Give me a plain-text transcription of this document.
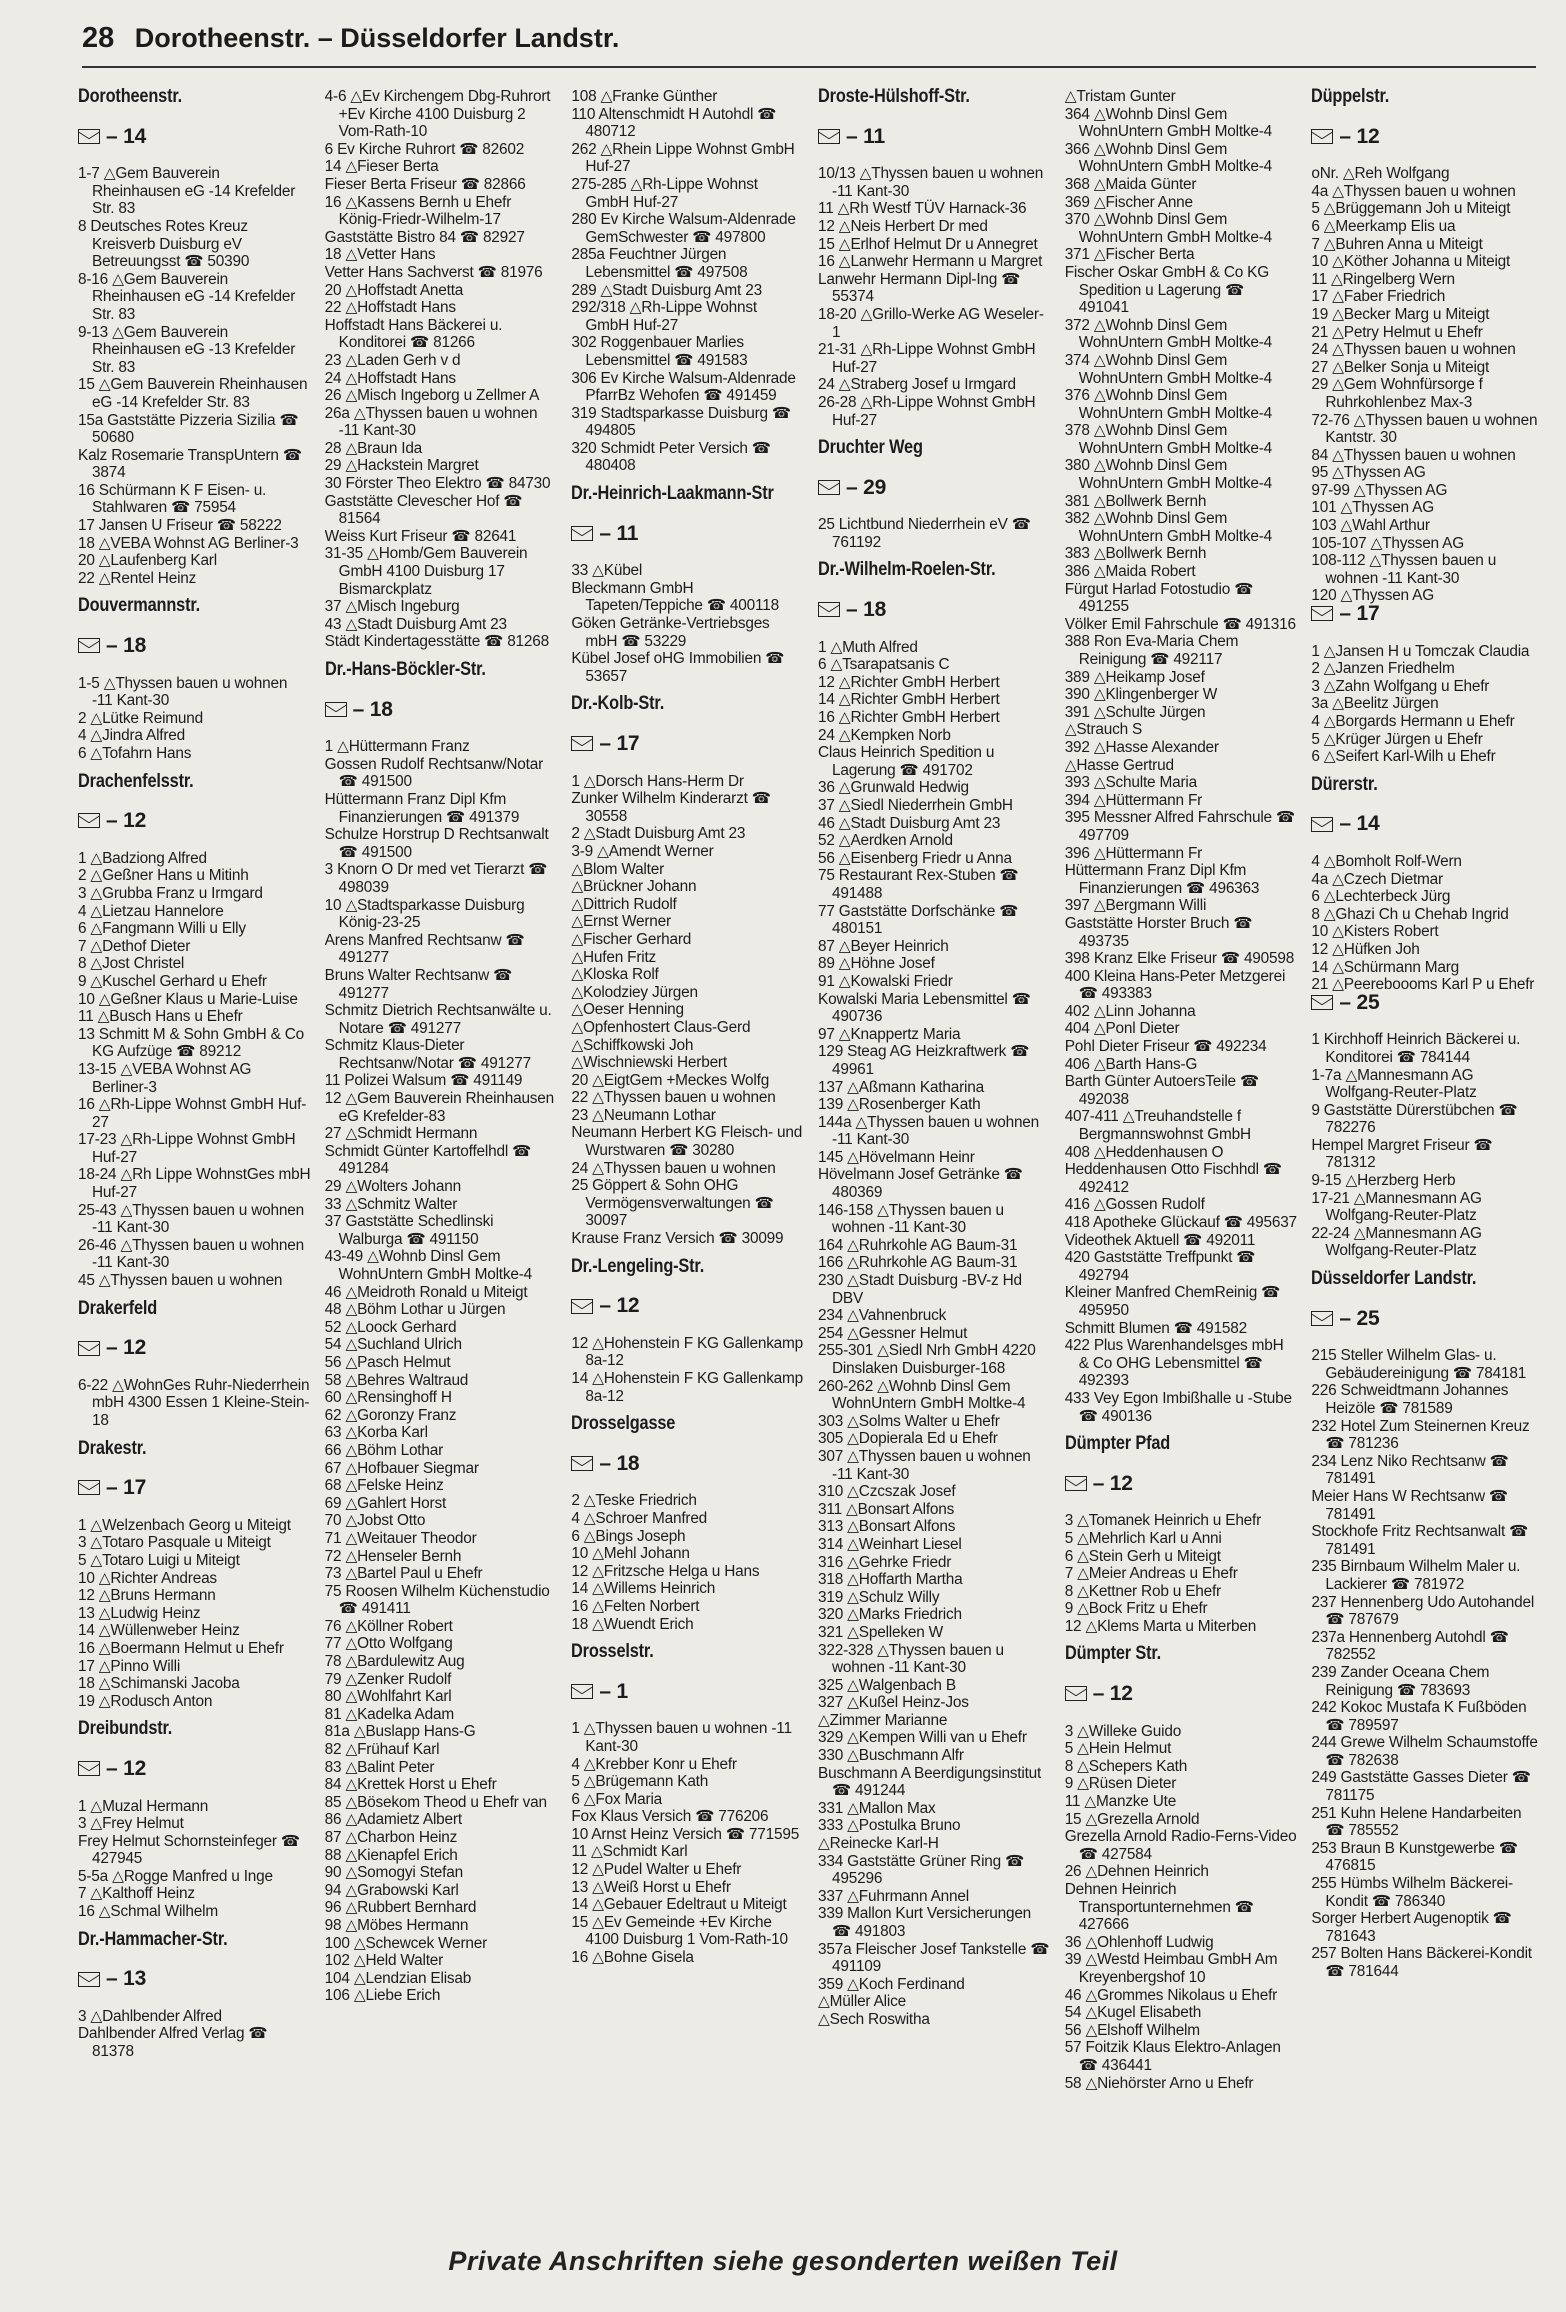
28 Dorotheenstr. – Düsseldorfer Landstr.
Dorotheenstr.
– 14
1-7 △Gem Bauverein Rheinhausen eG -14 Krefelder Str. 83
8 Deutsches Rotes Kreuz Kreisverb Duisburg eV Betreuungsst ☎ 50390
8-16 △Gem Bauverein Rheinhausen eG -14 Krefelder Str. 83
9-13 △Gem Bauverein Rheinhausen eG -13 Krefelder Str. 83
15 △Gem Bauverein Rheinhausen eG -14 Krefelder Str. 83
15a Gaststätte Pizzeria Sizilia ☎ 50680
Kalz Rosemarie TranspUntern ☎ 3874
16 Schürmann K F Eisen- u. Stahlwaren ☎ 75954
17 Jansen U Friseur ☎ 58222
18 △VEBA Wohnst AG Berliner-3
20 △Laufenberg Karl
22 △Rentel Heinz
Douvermannstr.
– 18
1-5 △Thyssen bauen u wohnen -11 Kant-30
2 △Lütke Reimund
4 △Jindra Alfred
6 △Tofahrn Hans
Drachenfelsstr.
– 12
1 △Badziong Alfred
2 △Geßner Hans u Mitinh
3 △Grubba Franz u Irmgard
4 △Lietzau Hannelore
6 △Fangmann Willi u Elly
7 △Dethof Dieter
8 △Jost Christel
9 △Kuschel Gerhard u Ehefr
10 △Geßner Klaus u Marie-Luise
11 △Busch Hans u Ehefr
13 Schmitt M & Sohn GmbH & Co KG Aufzüge ☎ 89212
13-15 △VEBA Wohnst AG Berliner-3
16 △Rh-Lippe Wohnst GmbH Huf-27
17-23 △Rh-Lippe Wohnst GmbH Huf-27
18-24 △Rh Lippe WohnstGes mbH Huf-27
25-43 △Thyssen bauen u wohnen -11 Kant-30
26-46 △Thyssen bauen u wohnen -11 Kant-30
45 △Thyssen bauen u wohnen
Drakerfeld
– 12
6-22 △WohnGes Ruhr-Niederrhein mbH 4300 Essen 1 Kleine-Stein-18
Drakestr.
– 17
1 △Welzenbach Georg u Miteigt
3 △Totaro Pasquale u Miteigt
5 △Totaro Luigi u Miteigt
10 △Richter Andreas
12 △Bruns Hermann
13 △Ludwig Heinz
14 △Wüllenweber Heinz
16 △Boermann Helmut u Ehefr
17 △Pinno Willi
18 △Schimanski Jacoba
19 △Rodusch Anton
Dreibundstr.
– 12
1 △Muzal Hermann
3 △Frey Helmut
Frey Helmut Schornsteinfeger ☎ 427945
5-5a △Rogge Manfred u Inge
7 △Kalthoff Heinz
16 △Schmal Wilhelm
Dr.-Hammacher-Str.
– 13
3 △Dahlbender Alfred
Dahlbender Alfred Verlag ☎ 81378
4-6 △Ev Kirchengem Dbg-Ruhrort +Ev Kirche 4100 Duisburg 2 Vom-Rath-10
6 Ev Kirche Ruhrort ☎ 82602
14 △Fieser Berta
Fieser Berta Friseur ☎ 82866
16 △Kassens Bernh u Ehefr König-Friedr-Wilhelm-17
Gaststätte Bistro 84 ☎ 82927
18 △Vetter Hans
Vetter Hans Sachverst ☎ 81976
20 △Hoffstadt Anetta
22 △Hoffstadt Hans
Hoffstadt Hans Bäckerei u. Konditorei ☎ 81266
23 △Laden Gerh v d
24 △Hoffstadt Hans
26 △Misch Ingeborg u Zellmer A
26a △Thyssen bauen u wohnen -11 Kant-30
28 △Braun Ida
29 △Hackstein Margret
30 Förster Theo Elektro ☎ 84730
Gaststätte Clevescher Hof ☎ 81564
Weiss Kurt Friseur ☎ 82641
31-35 △Homb/Gem Bauverein GmbH 4100 Duisburg 17 Bismarckplatz
37 △Misch Ingeburg
43 △Stadt Duisburg Amt 23
Städt Kindertagesstätte ☎ 81268
Dr.-Hans-Böckler-Str.
– 18
1 △Hüttermann Franz
Gossen Rudolf Rechtsanw/Notar ☎ 491500
Hüttermann Franz Dipl Kfm Finanzierungen ☎ 491379
Schulze Horstrup D Rechtsanwalt ☎ 491500
3 Knorn O Dr med vet Tierarzt ☎ 498039
10 △Stadtsparkasse Duisburg König-23-25
Arens Manfred Rechtsanw ☎ 491277
Bruns Walter Rechtsanw ☎ 491277
Schmitz Dietrich Rechtsanwälte u. Notare ☎ 491277
Schmitz Klaus-Dieter Rechtsanw/Notar ☎ 491277
11 Polizei Walsum ☎ 491149
12 △Gem Bauverein Rheinhausen eG Krefelder-83
27 △Schmidt Hermann
Schmidt Günter Kartoffelhdl ☎ 491284
29 △Wolters Johann
33 △Schmitz Walter
37 Gaststätte Schedlinski Walburga ☎ 491150
43-49 △Wohnb Dinsl Gem WohnUntern GmbH Moltke-4
46 △Meidroth Ronald u Miteigt
48 △Böhm Lothar u Jürgen
52 △Loock Gerhard
54 △Suchland Ulrich
56 △Pasch Helmut
58 △Behres Waltraud
60 △Rensinghoff H
62 △Goronzy Franz
63 △Korba Karl
66 △Böhm Lothar
67 △Hofbauer Siegmar
68 △Felske Heinz
69 △Gahlert Horst
70 △Jobst Otto
71 △Weitauer Theodor
72 △Henseler Bernh
73 △Bartel Paul u Ehefr
75 Roosen Wilhelm Küchenstudio ☎ 491411
76 △Köllner Robert
77 △Otto Wolfgang
78 △Bardulewitz Aug
79 △Zenker Rudolf
80 △Wohlfahrt Karl
81 △Kadelka Adam
81a △Buslapp Hans-G
82 △Frühauf Karl
83 △Balint Peter
84 △Krettek Horst u Ehefr
85 △Bösekom Theod u Ehefr van
86 △Adamietz Albert
87 △Charbon Heinz
88 △Kienapfel Erich
90 △Somogyi Stefan
94 △Grabowski Karl
96 △Rubbert Bernhard
98 △Möbes Hermann
100 △Schewcek Werner
102 △Held Walter
104 △Lendzian Elisab
106 △Liebe Erich
108 △Franke Günther
110 Altenschmidt H Autohdl ☎ 480712
262 △Rhein Lippe Wohnst GmbH Huf-27
275-285 △Rh-Lippe Wohnst GmbH Huf-27
280 Ev Kirche Walsum-Aldenrade GemSchwester ☎ 497800
285a Feuchtner Jürgen Lebensmittel ☎ 497508
289 △Stadt Duisburg Amt 23
292/318 △Rh-Lippe Wohnst GmbH Huf-27
302 Roggenbauer Marlies Lebensmittel ☎ 491583
306 Ev Kirche Walsum-Aldenrade PfarrBz Wehofen ☎ 491459
319 Stadtsparkasse Duisburg ☎ 494805
320 Schmidt Peter Versich ☎ 480408
Dr.-Heinrich-Laakmann-Str
– 11
33 △Kübel
Bleckmann GmbH Tapeten/Teppiche ☎ 400118
Göken Getränke-Vertriebsges mbH ☎ 53229
Kübel Josef oHG Immobilien ☎ 53657
Dr.-Kolb-Str.
– 17
1 △Dorsch Hans-Herm Dr
Zunker Wilhelm Kinderarzt ☎ 30558
2 △Stadt Duisburg Amt 23
3-9 △Amendt Werner
△Blom Walter
△Brückner Johann
△Dittrich Rudolf
△Ernst Werner
△Fischer Gerhard
△Hufen Fritz
△Kloska Rolf
△Kolodziey Jürgen
△Oeser Henning
△Opfenhostert Claus-Gerd
△Schiffkowski Joh
△Wischniewski Herbert
20 △EigtGem +Meckes Wolfg
22 △Thyssen bauen u wohnen
23 △Neumann Lothar
Neumann Herbert KG Fleisch- und Wurstwaren ☎ 30280
24 △Thyssen bauen u wohnen
25 Göppert & Sohn OHG Vermögensverwaltungen ☎ 30097
Krause Franz Versich ☎ 30099
Dr.-Lengeling-Str.
– 12
12 △Hohenstein F KG Gallenkamp 8a-12
14 △Hohenstein F KG Gallenkamp 8a-12
Drosselgasse
– 18
2 △Teske Friedrich
4 △Schroer Manfred
6 △Bings Joseph
10 △Mehl Johann
12 △Fritzsche Helga u Hans
14 △Willems Heinrich
16 △Felten Norbert
18 △Wuendt Erich
Drosselstr.
– 1
1 △Thyssen bauen u wohnen -11 Kant-30
4 △Krebber Konr u Ehefr
5 △Brügemann Kath
6 △Fox Maria
Fox Klaus Versich ☎ 776206
10 Arnst Heinz Versich ☎ 771595
11 △Schmidt Karl
12 △Pudel Walter u Ehefr
13 △Weiß Horst u Ehefr
14 △Gebauer Edeltraut u Miteigt
15 △Ev Gemeinde +Ev Kirche 4100 Duisburg 1 Vom-Rath-10
16 △Bohne Gisela
Droste-Hülshoff-Str.
– 11
10/13 △Thyssen bauen u wohnen -11 Kant-30
11 △Rh Westf TÜV Harnack-36
12 △Neis Herbert Dr med
15 △Erlhof Helmut Dr u Annegret
16 △Lanwehr Hermann u Margret
Lanwehr Hermann Dipl-Ing ☎ 55374
18-20 △Grillo-Werke AG Weseler-1
21-31 △Rh-Lippe Wohnst GmbH Huf-27
24 △Straberg Josef u Irmgard
26-28 △Rh-Lippe Wohnst GmbH Huf-27
Druchter Weg
– 29
25 Lichtbund Niederrhein eV ☎ 761192
Dr.-Wilhelm-Roelen-Str.
– 18
1 △Muth Alfred
6 △Tsarapatsanis C
12 △Richter GmbH Herbert
14 △Richter GmbH Herbert
16 △Richter GmbH Herbert
24 △Kempken Norb
Claus Heinrich Spedition u Lagerung ☎ 491702
36 △Grunwald Hedwig
37 △Siedl Niederrhein GmbH
46 △Stadt Duisburg Amt 23
52 △Aerdken Arnold
56 △Eisenberg Friedr u Anna
75 Restaurant Rex-Stuben ☎ 491488
77 Gaststätte Dorfschänke ☎ 480151
87 △Beyer Heinrich
89 △Höhne Josef
91 △Kowalski Friedr
Kowalski Maria Lebensmittel ☎ 490736
97 △Knappertz Maria
129 Steag AG Heizkraftwerk ☎ 49961
137 △Aßmann Katharina
139 △Rosenberger Kath
144a △Thyssen bauen u wohnen -11 Kant-30
145 △Hövelmann Heinr
Hövelmann Josef Getränke ☎ 480369
146-158 △Thyssen bauen u wohnen -11 Kant-30
164 △Ruhrkohle AG Baum-31
166 △Ruhrkohle AG Baum-31
230 △Stadt Duisburg -BV-z Hd DBV
234 △Vahnenbruck
254 △Gessner Helmut
255-301 △Siedl Nrh GmbH 4220 Dinslaken Duisburger-168
260-262 △Wohnb Dinsl Gem WohnUntern GmbH Moltke-4
303 △Solms Walter u Ehefr
305 △Dopierala Ed u Ehefr
307 △Thyssen bauen u wohnen -11 Kant-30
310 △Czcszak Josef
311 △Bonsart Alfons
313 △Bonsart Alfons
314 △Weinhart Liesel
316 △Gehrke Friedr
318 △Hoffarth Martha
319 △Schulz Willy
320 △Marks Friedrich
321 △Spelleken W
322-328 △Thyssen bauen u wohnen -11 Kant-30
325 △Walgenbach B
327 △Kußel Heinz-Jos
△Zimmer Marianne
329 △Kempen Willi van u Ehefr
330 △Buschmann Alfr
Buschmann A Beerdigungsinstitut ☎ 491244
331 △Mallon Max
333 △Postulka Bruno
△Reinecke Karl-H
334 Gaststätte Grüner Ring ☎ 495296
337 △Fuhrmann Annel
339 Mallon Kurt Versicherungen ☎ 491803
357a Fleischer Josef Tankstelle ☎ 491109
359 △Koch Ferdinand
△Müller Alice
△Sech Roswitha
△Tristam Gunter
364 △Wohnb Dinsl Gem WohnUntern GmbH Moltke-4
366 △Wohnb Dinsl Gem WohnUntern GmbH Moltke-4
368 △Maida Günter
369 △Fischer Anne
370 △Wohnb Dinsl Gem WohnUntern GmbH Moltke-4
371 △Fischer Berta
Fischer Oskar GmbH & Co KG Spedition u Lagerung ☎ 491041
372 △Wohnb Dinsl Gem WohnUntern GmbH Moltke-4
374 △Wohnb Dinsl Gem WohnUntern GmbH Moltke-4
376 △Wohnb Dinsl Gem WohnUntern GmbH Moltke-4
378 △Wohnb Dinsl Gem WohnUntern GmbH Moltke-4
380 △Wohnb Dinsl Gem WohnUntern GmbH Moltke-4
381 △Bollwerk Bernh
382 △Wohnb Dinsl Gem WohnUntern GmbH Moltke-4
383 △Bollwerk Bernh
386 △Maida Robert
Fürgut Harlad Fotostudio ☎ 491255
Völker Emil Fahrschule ☎ 491316
388 Ron Eva-Maria Chem Reinigung ☎ 492117
389 △Heikamp Josef
390 △Klingenberger W
391 △Schulte Jürgen
△Strauch S
392 △Hasse Alexander
△Hasse Gertrud
393 △Schulte Maria
394 △Hüttermann Fr
395 Messner Alfred Fahrschule ☎ 497709
396 △Hüttermann Fr
Hüttermann Franz Dipl Kfm Finanzierungen ☎ 496363
397 △Bergmann Willi
Gaststätte Horster Bruch ☎ 493735
398 Kranz Elke Friseur ☎ 490598
400 Kleina Hans-Peter Metzgerei ☎ 493383
402 △Linn Johanna
404 △Ponl Dieter
Pohl Dieter Friseur ☎ 492234
406 △Barth Hans-G
Barth Günter AutoersTeile ☎ 492038
407-411 △Treuhandstelle f Bergmannswohnst GmbH
408 △Heddenhausen O
Heddenhausen Otto Fischhdl ☎ 492412
416 △Gossen Rudolf
418 Apotheke Glückauf ☎ 495637
Videothek Aktuell ☎ 492011
420 Gaststätte Treffpunkt ☎ 492794
Kleiner Manfred ChemReinig ☎ 495950
Schmitt Blumen ☎ 491582
422 Plus Warenhandelsges mbH & Co OHG Lebensmittel ☎ 492393
433 Vey Egon Imbißhalle u -Stube ☎ 490136
Dümpter Pfad
– 12
3 △Tomanek Heinrich u Ehefr
5 △Mehrlich Karl u Anni
6 △Stein Gerh u Miteigt
7 △Meier Andreas u Ehefr
8 △Kettner Rob u Ehefr
9 △Bock Fritz u Ehefr
12 △Klems Marta u Miterben
Dümpter Str.
– 12
3 △Willeke Guido
5 △Hein Helmut
8 △Schepers Kath
9 △Rüsen Dieter
11 △Manzke Ute
15 △Grezella Arnold
Grezella Arnold Radio-Ferns-Video ☎ 427584
26 △Dehnen Heinrich
Dehnen Heinrich Transportunternehmen ☎ 427666
36 △Ohlenhoff Ludwig
39 △Westd Heimbau GmbH Am Kreyenbergshof 10
46 △Grommes Nikolaus u Ehefr
54 △Kugel Elisabeth
56 △Elshoff Wilhelm
57 Foitzik Klaus Elektro-Anlagen ☎ 436441
58 △Niehörster Arno u Ehefr
Düppelstr.
– 12
oNr. △Reh Wolfgang
4a △Thyssen bauen u wohnen
5 △Brüggemann Joh u Miteigt
6 △Meerkamp Elis ua
7 △Buhren Anna u Miteigt
10 △Köther Johanna u Miteigt
11 △Ringelberg Wern
17 △Faber Friedrich
19 △Becker Marg u Miteigt
21 △Petry Helmut u Ehefr
24 △Thyssen bauen u wohnen
27 △Belker Sonja u Miteigt
29 △Gem Wohnfürsorge f Ruhrkohlenbez Max-3
72-76 △Thyssen bauen u wohnen Kantstr. 30
84 △Thyssen bauen u wohnen
95 △Thyssen AG
97-99 △Thyssen AG
101 △Thyssen AG
103 △Wahl Arthur
105-107 △Thyssen AG
108-112 △Thyssen bauen u wohnen -11 Kant-30
120 △Thyssen AG
– 17
1 △Jansen H u Tomczak Claudia
2 △Janzen Friedhelm
3 △Zahn Wolfgang u Ehefr
3a △Beelitz Jürgen
4 △Borgards Hermann u Ehefr
5 △Krüger Jürgen u Ehefr
6 △Seifert Karl-Wilh u Ehefr
Dürerstr.
– 14
4 △Bomholt Rolf-Wern
4a △Czech Dietmar
6 △Lechterbeck Jürg
8 △Ghazi Ch u Chehab Ingrid
10 △Kisters Robert
12 △Hüfken Joh
14 △Schürmann Marg
21 △Peereboooms Karl P u Ehefr
– 25
1 Kirchhoff Heinrich Bäckerei u. Konditorei ☎ 784144
1-7a △Mannesmann AG Wolfgang-Reuter-Platz
9 Gaststätte Dürerstübchen ☎ 782276
Hempel Margret Friseur ☎ 781312
9-15 △Herzberg Herb
17-21 △Mannesmann AG Wolfgang-Reuter-Platz
22-24 △Mannesmann AG Wolfgang-Reuter-Platz
Düsseldorfer Landstr.
– 25
215 Steller Wilhelm Glas- u. Gebäudereinigung ☎ 784181
226 Schweidtmann Johannes Heizöle ☎ 781589
232 Hotel Zum Steinernen Kreuz ☎ 781236
234 Lenz Niko Rechtsanw ☎ 781491
Meier Hans W Rechtsanw ☎ 781491
Stockhofe Fritz Rechtsanwalt ☎ 781491
235 Birnbaum Wilhelm Maler u. Lackierer ☎ 781972
237 Hennenberg Udo Autohandel ☎ 787679
237a Hennenberg Autohdl ☎ 782552
239 Zander Oceana Chem Reinigung ☎ 783693
242 Kokoc Mustafa K Fußböden ☎ 789597
244 Grewe Wilhelm Schaumstoffe ☎ 782638
249 Gaststätte Gasses Dieter ☎ 781175
251 Kuhn Helene Handarbeiten ☎ 785552
253 Braun B Kunstgewerbe ☎ 476815
255 Hümbs Wilhelm Bäckerei-Kondit ☎ 786340
Sorger Herbert Augenoptik ☎ 781643
257 Bolten Hans Bäckerei-Kondit ☎ 781644
Private Anschriften siehe gesonderten weißen Teil
